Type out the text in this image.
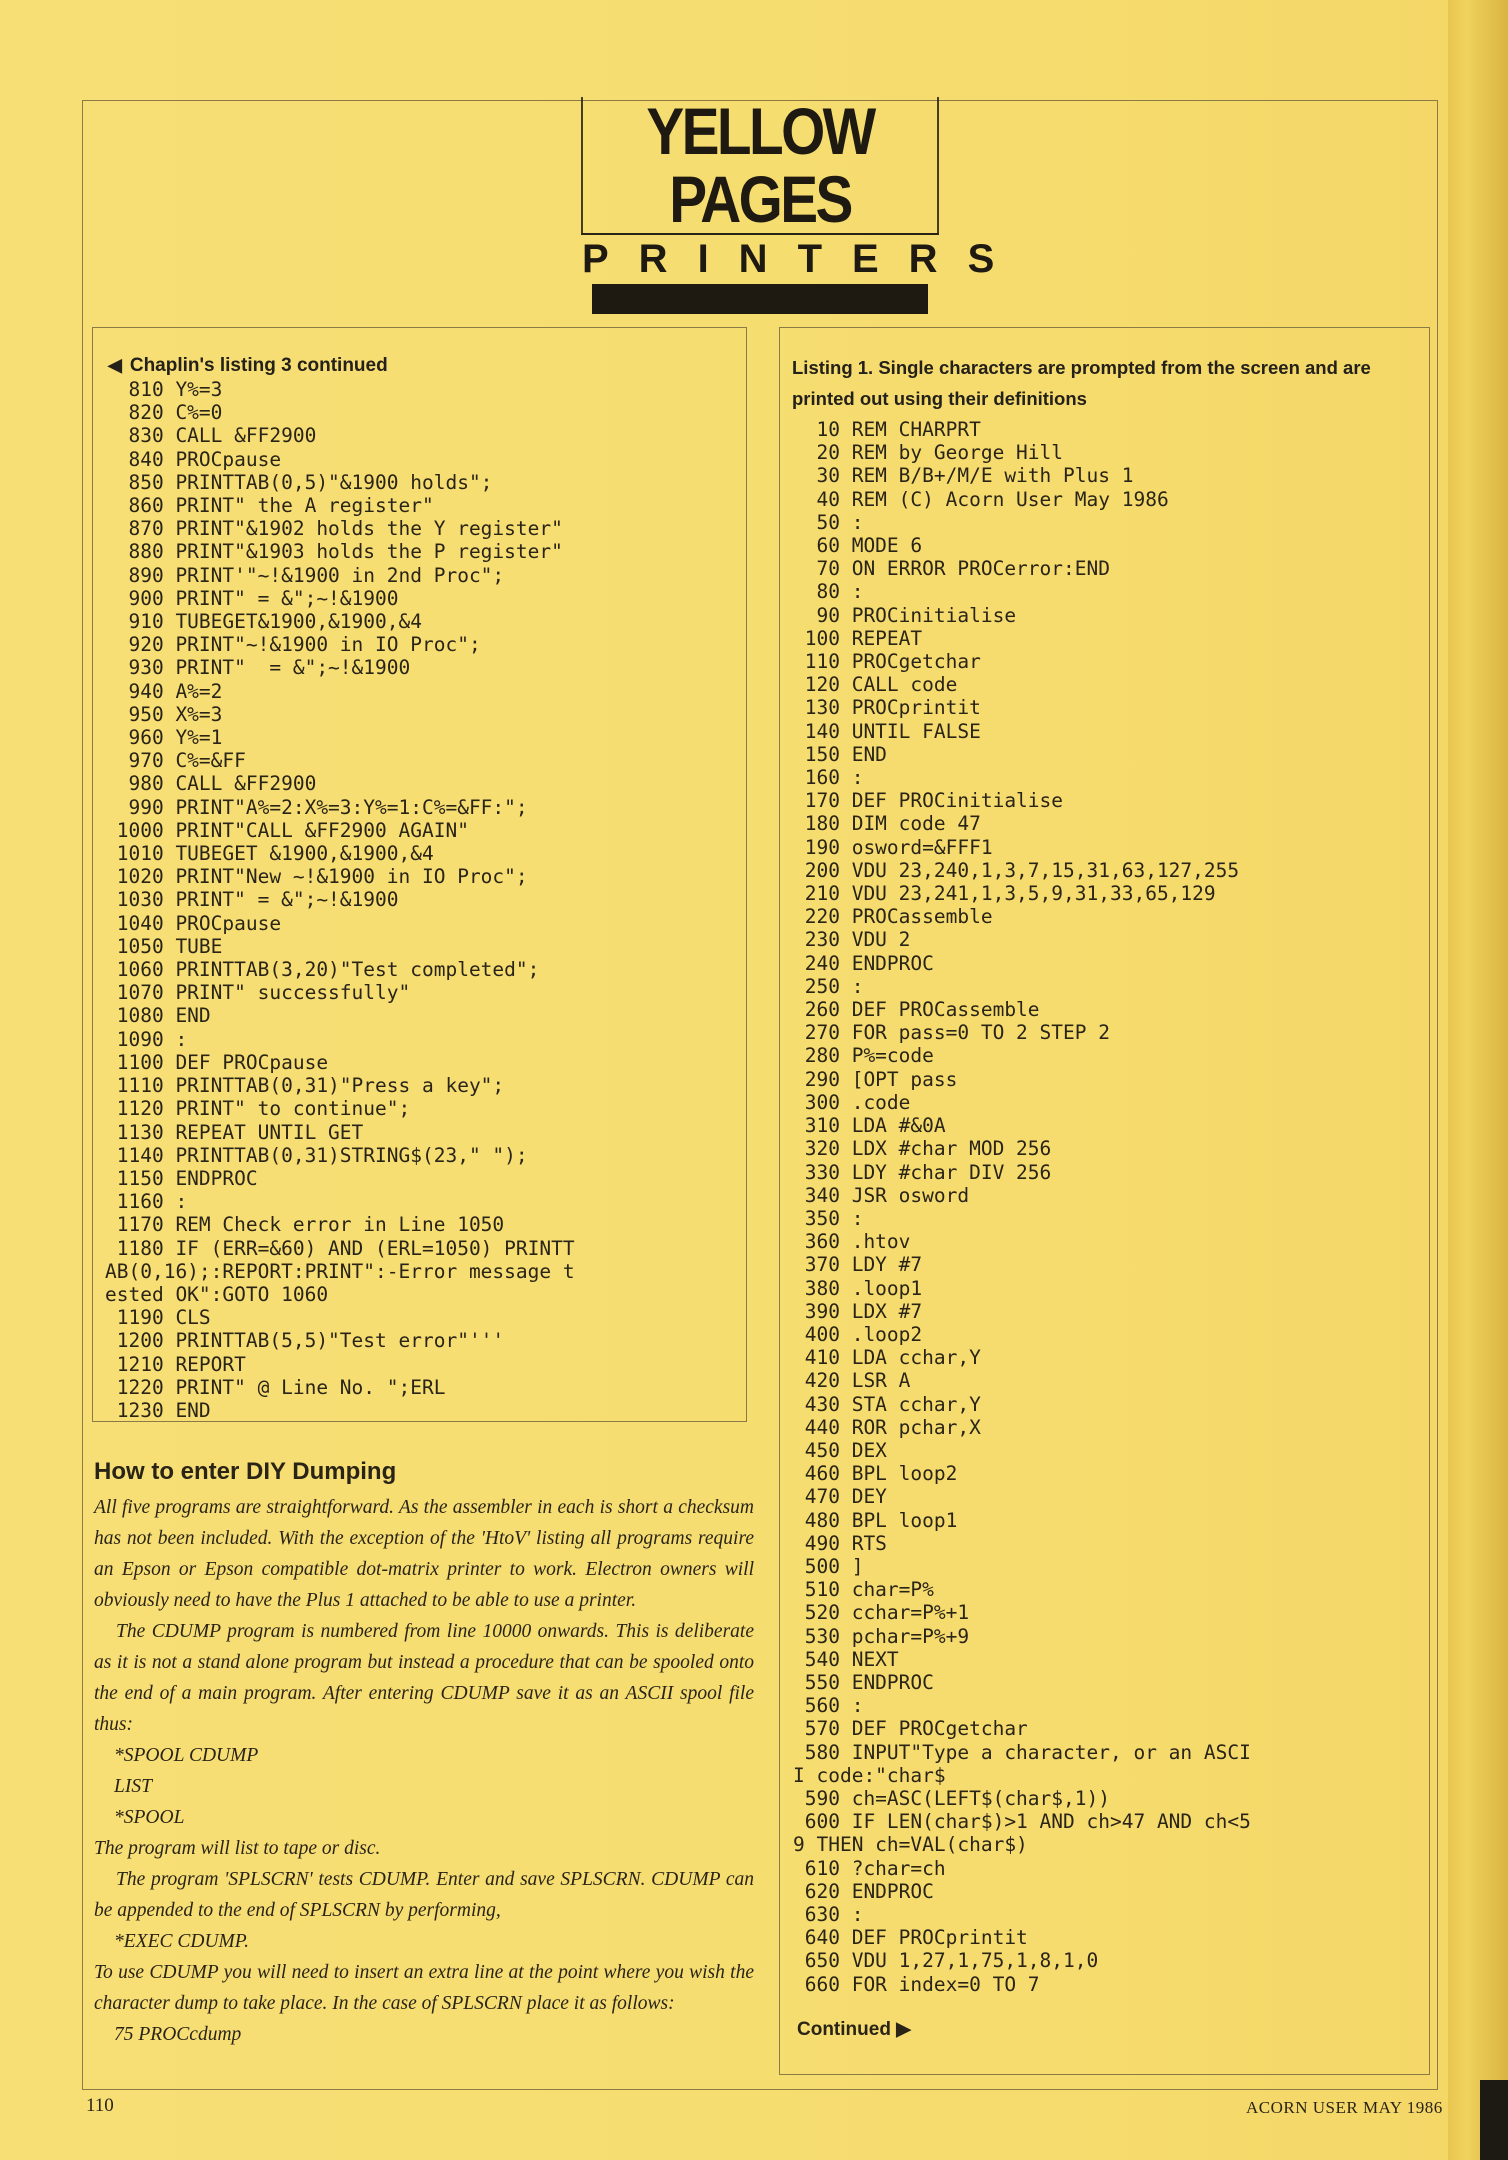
YELLOW PAGES
PRINTERS
◀ Chaplin's listing 3 continued
810 Y%=3
820 C%=0
830 CALL &FF2900
840 PROCpause
850 PRINTTAB(0,5)"&1900 holds";
860 PRINT" the A register"
870 PRINT"&1902 holds the Y register"
880 PRINT"&1903 holds the P register"
890 PRINT'"~!&1900 in 2nd Proc";
900 PRINT" = &";~!&1900
910 TUBEGET&1900,&1900,&4
920 PRINT"~!&1900 in IO Proc";
930 PRINT"  = &";~!&1900
940 A%=2
950 X%=3
960 Y%=1
970 C%=&FF
980 CALL &FF2900
990 PRINT"A%=2:X%=3:Y%=1:C%=&FF:";
1000 PRINT"CALL &FF2900 AGAIN"
1010 TUBEGET &1900,&1900,&4
1020 PRINT"New ~!&1900 in IO Proc";
1030 PRINT" = &";~!&1900
1040 PROCpause
1050 TUBE
1060 PRINTTAB(3,20)"Test completed";
1070 PRINT" successfully"
1080 END
1090 :
1100 DEF PROCpause
1110 PRINTTAB(0,31)"Press a key";
1120 PRINT" to continue";
1130 REPEAT UNTIL GET
1140 PRINTTAB(0,31)STRING$(23," ");
1150 ENDPROC
1160 :
1170 REM Check error in Line 1050
1180 IF (ERR=&60) AND (ERL=1050) PRINTT
AB(0,16);:REPORT:PRINT":-Error message t
ested OK":GOTO 1060
1190 CLS
1200 PRINTTAB(5,5)"Test error"'''
1210 REPORT
1220 PRINT" @ Line No. ";ERL
1230 END
Listing 1. Single characters are prompted from the screen and are printed out using their definitions
10 REM CHARPRT
20 REM by George Hill
30 REM B/B+/M/E with Plus 1
40 REM (C) Acorn User May 1986
50 :
60 MODE 6
70 ON ERROR PROCerror:END
80 :
90 PROCinitialise
100 REPEAT
110 PROCgetchar
120 CALL code
130 PROCprintit
140 UNTIL FALSE
150 END
160 :
170 DEF PROCinitialise
180 DIM code 47
190 osword=&FFF1
200 VDU 23,240,1,3,7,15,31,63,127,255
210 VDU 23,241,1,3,5,9,31,33,65,129
220 PROCassemble
230 VDU 2
240 ENDPROC
250 :
260 DEF PROCassemble
270 FOR pass=0 TO 2 STEP 2
280 P%=code
290 [OPT pass
300 .code
310 LDA #&0A
320 LDX #char MOD 256
330 LDY #char DIV 256
340 JSR osword
350 :
360 .htov
370 LDY #7
380 .loop1
390 LDX #7
400 .loop2
410 LDA cchar,Y
420 LSR A
430 STA cchar,Y
440 ROR pchar,X
450 DEX
460 BPL loop2
470 DEY
480 BPL loop1
490 RTS
500 ]
510 char=P%
520 cchar=P%+1
530 pchar=P%+9
540 NEXT
550 ENDPROC
560 :
570 DEF PROCgetchar
580 INPUT"Type a character, or an ASCI
I code:"char$
590 ch=ASC(LEFT$(char$,1))
600 IF LEN(char$)>1 AND ch>47 AND ch<5
9 THEN ch=VAL(char$)
610 ?char=ch
620 ENDPROC
630 :
640 DEF PROCprintit
650 VDU 1,27,1,75,1,8,1,0
660 FOR index=0 TO 7
Continued ▶
How to enter DIY Dumping

All five programs are straightforward. As the assembler in each is short a checksum has not been included. With the exception of the 'HtoV' listing all programs require an Epson or Epson compatible dot-matrix printer to work. Electron owners will obviously need to have the Plus 1 attached to be able to use a printer.

The CDUMP program is numbered from line 10000 onwards. This is deliberate as it is not a stand alone program but instead a procedure that can be spooled onto the end of a main program. After entering CDUMP save it as an ASCII spool file thus:

*SPOOL CDUMP

LIST

*SPOOL

The program will list to tape or disc.

The program 'SPLSCRN' tests CDUMP. Enter and save SPLSCRN. CDUMP can be appended to the end of SPLSCRN by performing,

*EXEC CDUMP.

To use CDUMP you will need to insert an extra line at the point where you wish the character dump to take place. In the case of SPLSCRN place it as follows:

75 PROCcdump

110	ACORN USER MAY 1986
